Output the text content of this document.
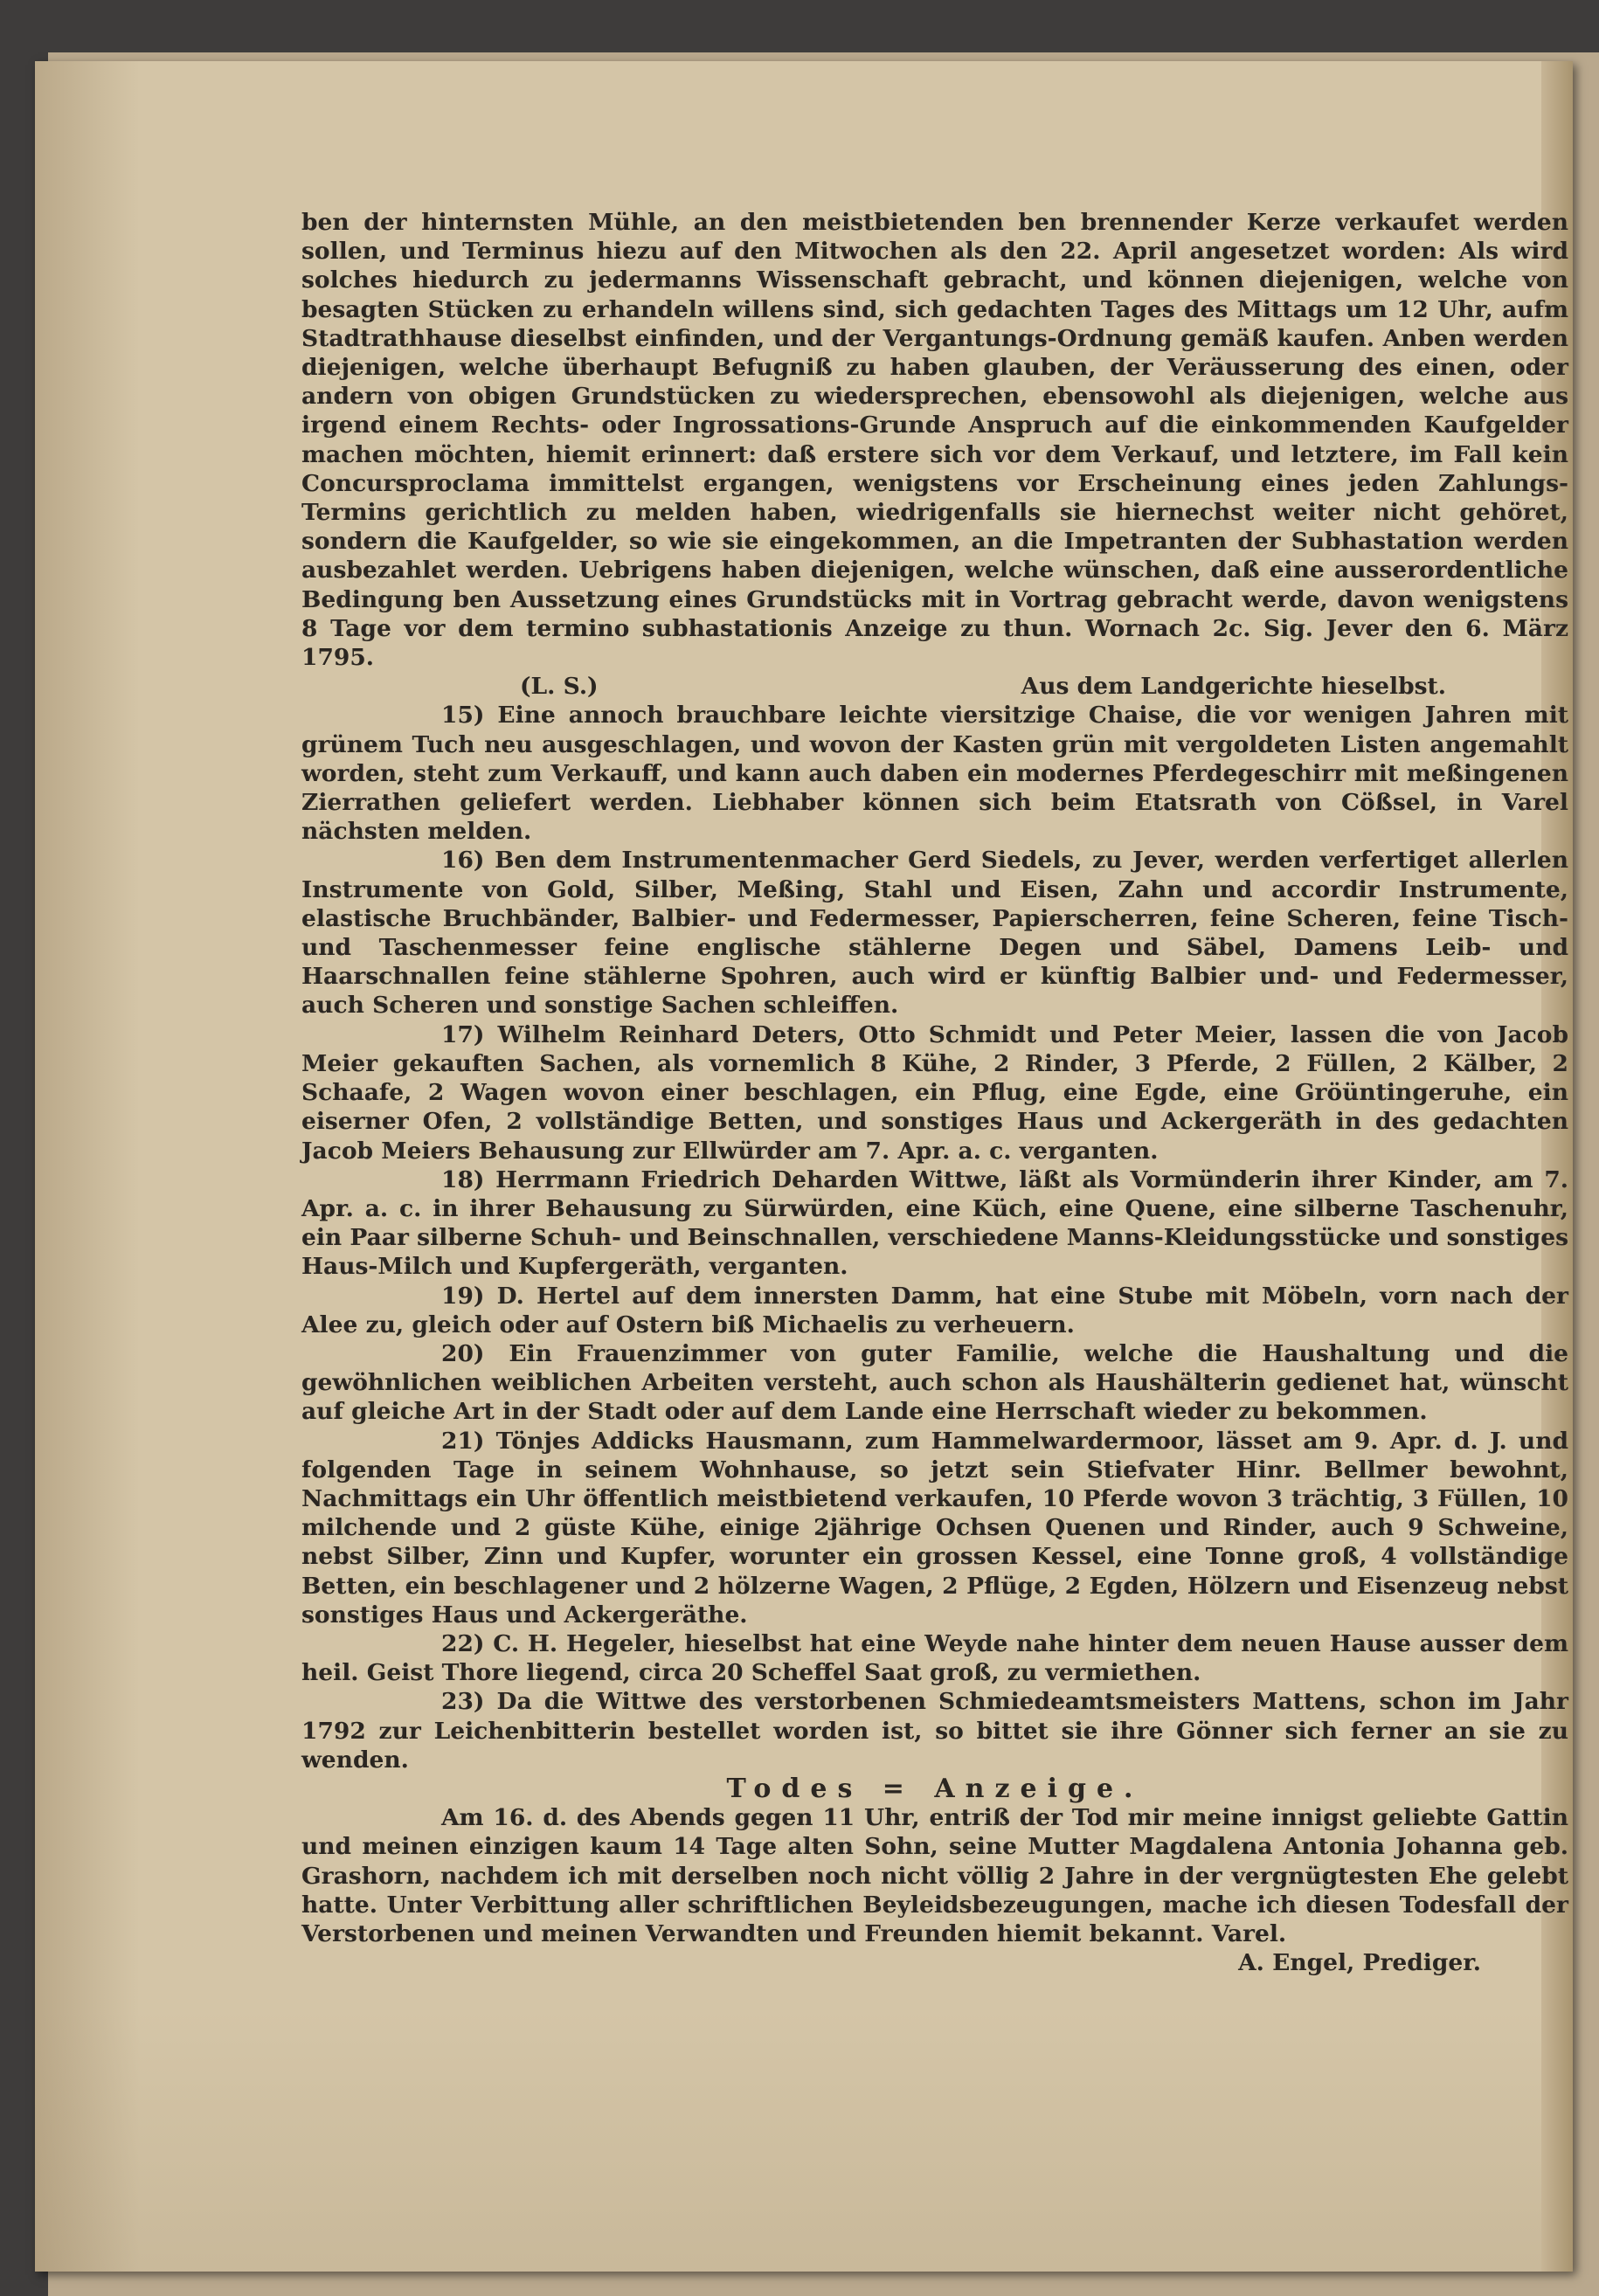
ben der hinternsten Mühle, an den meistbietenden ben brennender Kerze verkaufet werden sollen, und Terminus hiezu auf den Mitwochen als den 22. April angesetzet worden: Als wird solches hiedurch zu jedermanns Wissenschaft gebracht, und können diejenigen, welche von besagten Stücken zu erhandeln willens sind, sich gedachten Tages des Mittags um 12 Uhr, aufm Stadtrathhause dieselbst einfinden, und der Vergantungs-Ordnung gemäß kaufen. Anben werden diejenigen, welche überhaupt Befugniß zu haben glauben, der Veräusserung des einen, oder andern von obigen Grundstücken zu wiedersprechen, ebensowohl als diejenigen, welche aus irgend einem Rechts- oder Ingrossations-Grunde Anspruch auf die einkommenden Kaufgelder machen möchten, hiemit erinnert: daß erstere sich vor dem Verkauf, und letztere, im Fall kein Concursproclama immittelst ergangen, wenigstens vor Erscheinung eines jeden Zahlungs-Termins gerichtlich zu melden haben, wiedrigenfalls sie hiernechst weiter nicht gehöret, sondern die Kaufgelder, so wie sie eingekommen, an die Impetranten der Subhastation werden ausbezahlet werden. Uebrigens haben diejenigen, welche wünschen, daß eine ausserordentliche Bedingung ben Aussetzung eines Grundstücks mit in Vortrag gebracht werde, davon wenigstens 8 Tage vor dem termino subhastationis Anzeige zu thun. Wornach 2c. Sig. Jever den 6. März 1795.

(L. S.)	Aus dem Landgerichte hieselbst.

15) Eine annoch brauchbare leichte viersitzige Chaise, die vor wenigen Jahren mit grünem Tuch neu ausgeschlagen, und wovon der Kasten grün mit vergoldeten Listen angemahlt worden, steht zum Verkauff, und kann auch daben ein modernes Pferdegeschirr mit meßingenen Zierrathen geliefert werden. Liebhaber können sich beim Etatsrath von Cößsel, in Varel nächsten melden.

16) Ben dem Instrumentenmacher Gerd Siedels, zu Jever, werden verfertiget allerlen Instrumente von Gold, Silber, Meßing, Stahl und Eisen, Zahn und accordir Instrumente, elastische Bruchbänder, Balbier- und Federmesser, Papierscherren, feine Scheren, feine Tisch- und Taschenmesser feine englische stählerne Degen und Säbel, Damens Leib- und Haarschnallen feine stählerne Spohren, auch wird er künftig Balbier und- und Federmesser, auch Scheren und sonstige Sachen schleiffen.

17) Wilhelm Reinhard Deters, Otto Schmidt und Peter Meier, lassen die von Jacob Meier gekauften Sachen, als vornemlich 8 Kühe, 2 Rinder, 3 Pferde, 2 Füllen, 2 Kälber, 2 Schaafe, 2 Wagen wovon einer beschlagen, ein Pflug, eine Egde, eine Gröüntingeruhe, ein eiserner Ofen, 2 vollständige Betten, und sonstiges Haus und Ackergeräth in des gedachten Jacob Meiers Behausung zur Ellwürder am 7. Apr. a. c. verganten.

18) Herrmann Friedrich Deharden Wittwe, läßt als Vormünderin ihrer Kinder, am 7. Apr. a. c. in ihrer Behausung zu Sürwürden, eine Küch, eine Quene, eine silberne Taschenuhr, ein Paar silberne Schuh- und Beinschnallen, verschiedene Manns-Kleidungsstücke und sonstiges Haus-Milch und Kupfergeräth, verganten.

19) D. Hertel auf dem innersten Damm, hat eine Stube mit Möbeln, vorn nach der Alee zu, gleich oder auf Ostern biß Michaelis zu verheuern.

20) Ein Frauenzimmer von guter Familie, welche die Haushaltung und die gewöhnlichen weiblichen Arbeiten versteht, auch schon als Haushälterin gedienet hat, wünscht auf gleiche Art in der Stadt oder auf dem Lande eine Herrschaft wieder zu bekommen.

21) Tönjes Addicks Hausmann, zum Hammelwardermoor, lässet am 9. Apr. d. J. und folgenden Tage in seinem Wohnhause, so jetzt sein Stiefvater Hinr. Bellmer bewohnt, Nachmittags ein Uhr öffentlich meistbietend verkaufen, 10 Pferde wovon 3 trächtig, 3 Füllen, 10 milchende und 2 güste Kühe, einige 2jährige Ochsen Quenen und Rinder, auch 9 Schweine, nebst Silber, Zinn und Kupfer, worunter ein grossen Kessel, eine Tonne groß, 4 vollständige Betten, ein beschlagener und 2 hölzerne Wagen, 2 Pflüge, 2 Egden, Hölzern und Eisenzeug nebst sonstiges Haus und Ackergeräthe.

22) C. H. Hegeler, hieselbst hat eine Weyde nahe hinter dem neuen Hause ausser dem heil. Geist Thore liegend, circa 20 Scheffel Saat groß, zu vermiethen.

23) Da die Wittwe des verstorbenen Schmiedeamtsmeisters Mattens, schon im Jahr 1792 zur Leichenbitterin bestellet worden ist, so bittet sie ihre Gönner sich ferner an sie zu wenden.

Todes = Anzeige.

Am 16. d. des Abends gegen 11 Uhr, entriß der Tod mir meine innigst geliebte Gattin und meinen einzigen kaum 14 Tage alten Sohn, seine Mutter Magdalena Antonia Johanna geb. Grashorn, nachdem ich mit derselben noch nicht völlig 2 Jahre in der vergnügtesten Ehe gelebt hatte. Unter Verbittung aller schriftlichen Beyleidsbezeugungen, mache ich diesen Todesfall der Verstorbenen und meinen Verwandten und Freunden hiemit bekannt. Varel.

A. Engel, Prediger.
